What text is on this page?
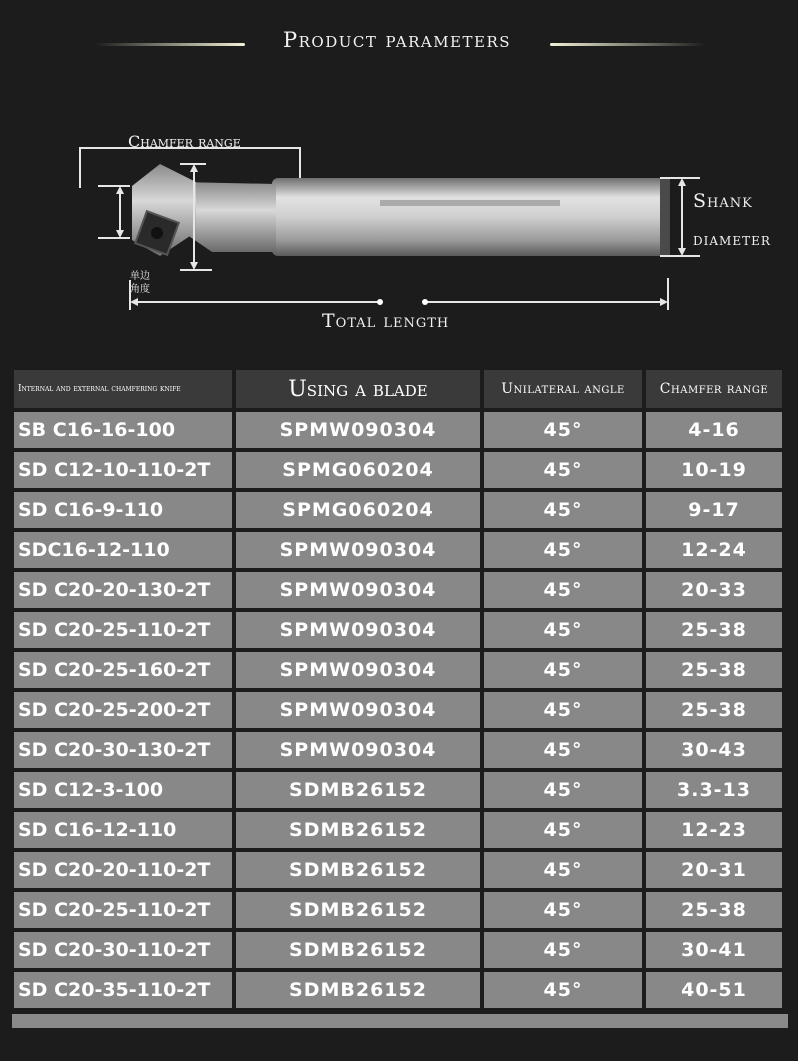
Product parameters
Chamfer range
Shank
diameter
Total length
单边
角度
Internal and external chamfering knife	Using a blade	Unilateral angle	Chamfer range
SB C16-16-100	SPMW090304	45°	4-16
SD C12-10-110-2T	SPMG060204	45°	10-19
SD C16-9-110	SPMG060204	45°	9-17
SDC16-12-110	SPMW090304	45°	12-24
SD C20-20-130-2T	SPMW090304	45°	20-33
SD C20-25-110-2T	SPMW090304	45°	25-38
SD C20-25-160-2T	SPMW090304	45°	25-38
SD C20-25-200-2T	SPMW090304	45°	25-38
SD C20-30-130-2T	SPMW090304	45°	30-43
SD C12-3-100	SDMB26152	45°	3.3-13
SD C16-12-110	SDMB26152	45°	12-23
SD C20-20-110-2T	SDMB26152	45°	20-31
SD C20-25-110-2T	SDMB26152	45°	25-38
SD C20-30-110-2T	SDMB26152	45°	30-41
SD C20-35-110-2T	SDMB26152	45°	40-51
